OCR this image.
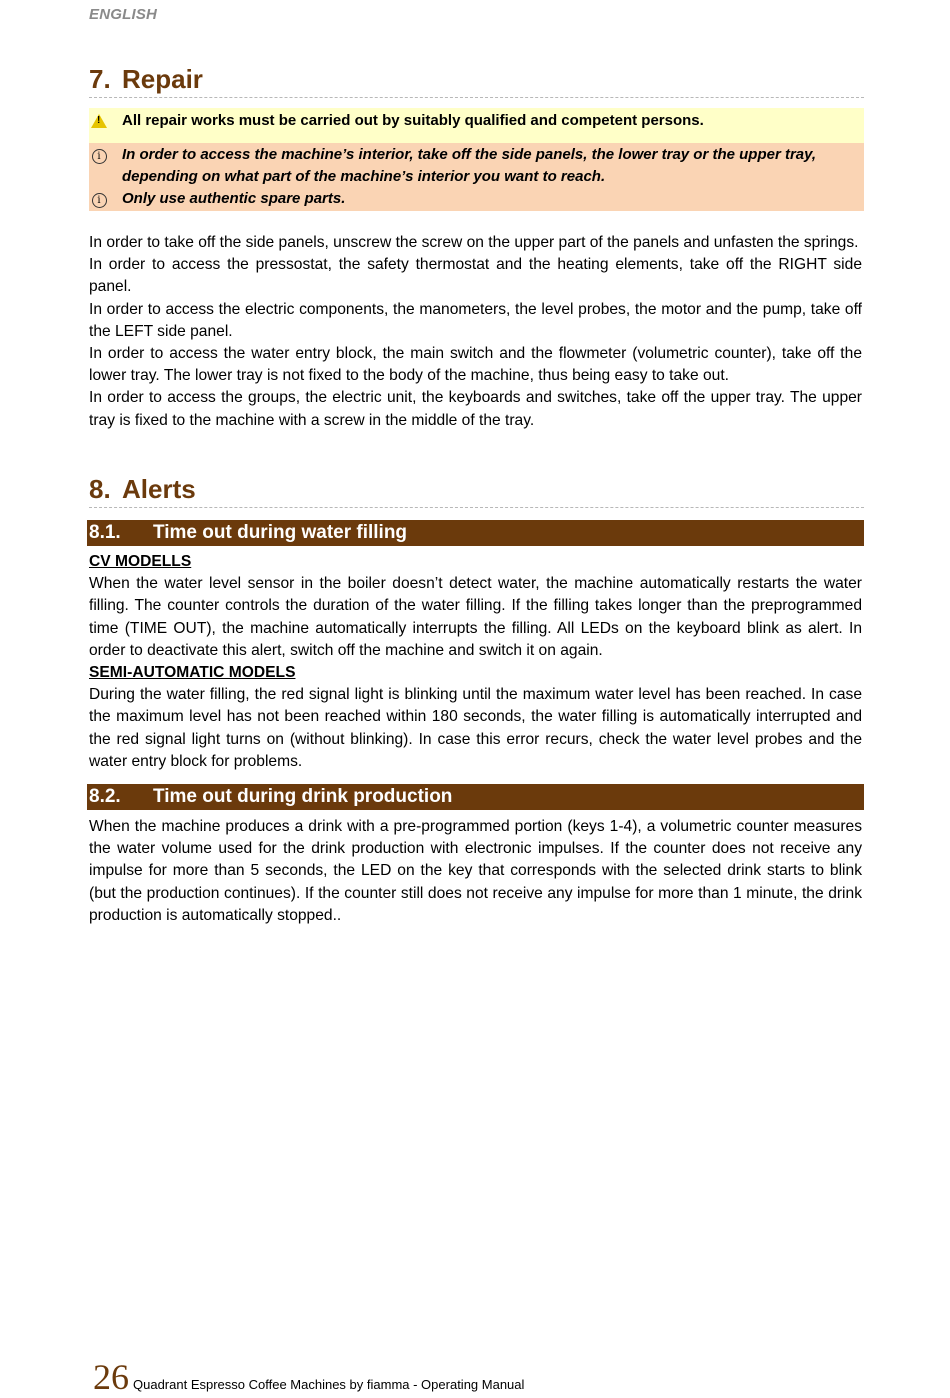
ENGLISH
7. Repair
!
All repair works must be carried out by suitably qualified and competent persons.
i	In order to access the machine’s interior, take off the side panels, the lower tray or the upper tray, depending on what part of the machine’s interior you want to reach.
i	Only use authentic spare parts.

In order to take off the side panels, unscrew the screw on the upper part of the panels and unfasten the springs.

In order to access the pressostat, the safety thermostat and the heating elements, take off the RIGHT side panel.

In order to access the electric components, the manometers, the level probes, the motor and the pump, take off the LEFT side panel.

In order to access the water entry block, the main switch and the flowmeter (volumetric counter), take off the lower tray. The lower tray is not fixed to the body of the machine, thus being easy to take out.

In order to access the groups, the electric unit, the keyboards and switches, take off the upper tray. The upper tray is fixed to the machine with a screw in the middle of the tray.

8. Alerts
8.1. Time out during water filling

CV MODELLS

When the water level sensor in the boiler doesn’t detect water, the machine automatically restarts the water filling. The counter controls the duration of the water filling. If the filling takes longer than the preprogrammed time (TIME OUT), the machine automatically interrupts the filling. All LEDs on the keyboard blink as alert. In order to deactivate this alert, switch off the machine and switch it on again.

SEMI-AUTOMATIC MODELS

During the water filling, the red signal light is blinking until the maximum water level has been reached. In case the maximum level has not been reached within 180 seconds, the water filling is automatically interrupted and the red signal light turns on (without blinking). In case this error recurs, check the water level probes and the water entry block for problems.

8.2. Time out during drink production

When the machine produces a drink with a pre-programmed portion (keys 1-4), a volumetric counter measures the water volume used for the drink production with electronic impulses. If the counter does not receive any impulse for more than 5 seconds, the LED on the key that corresponds with the selected drink starts to blink (but the production continues). If the counter still does not receive any impulse for more than 1 minute, the drink production is automatically stopped..

26 Quadrant Espresso Coffee Machines by fiamma - Operating Manual
